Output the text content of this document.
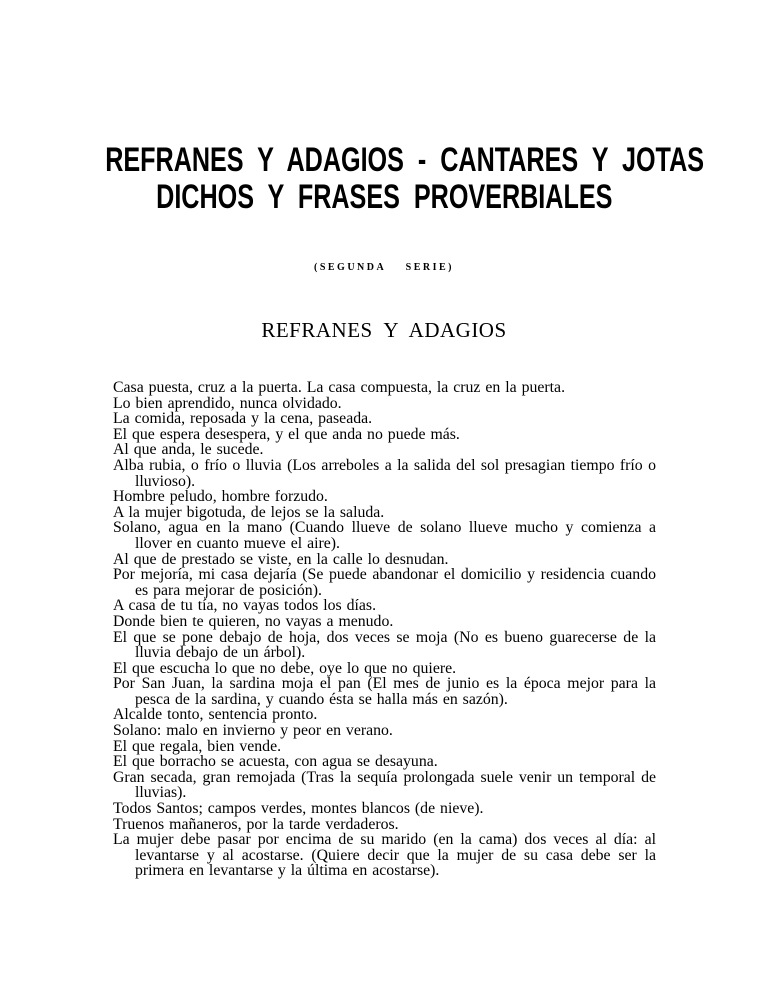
REFRANES  Y  ADAGIOS  -  CANTARES  Y  JOTAS
DICHOS  Y  FRASES  PROVERBIALES
(SEGUNDA    SERIE)
REFRANES  Y  ADAGIOS
Casa puesta, cruz a la puerta. La casa compuesta, la cruz en la puerta.
Lo bien aprendido, nunca olvidado.
La comida, reposada y la cena, paseada.
El que espera desespera, y el que anda no puede más.
Al que anda, le sucede.
Alba rubia, o frío o lluvia (Los arreboles a la salida del sol presagian tiempo frío o lluvioso).
Hombre peludo, hombre forzudo.
A la mujer bigotuda, de lejos se la saluda.
Solano, agua en la mano (Cuando llueve de solano llueve mucho y comienza a llover en cuanto mueve el aire).
Al que de prestado se viste, en la calle lo desnudan.
Por mejoría, mi casa dejaría (Se puede abandonar el domicilio y residencia cuando es para mejorar de posición).
A casa de tu tía, no vayas todos los días.
Donde bien te quieren, no vayas a menudo.
El que se pone debajo de hoja, dos veces se moja (No es bueno guarecerse de la lluvia debajo de un árbol).
El que escucha lo que no debe, oye lo que no quiere.
Por San Juan, la sardina moja el pan (El mes de junio es la época mejor para la pesca de la sardina, y cuando ésta se halla más en sazón).
Alcalde tonto, sentencia pronto.
Solano: malo en invierno y peor en verano.
El que regala, bien vende.
El que borracho se acuesta, con agua se desayuna.
Gran secada, gran remojada (Tras la sequía prolongada suele venir un temporal de lluvias).
Todos Santos; campos verdes, montes blancos (de nieve).
Truenos mañaneros, por la tarde verdaderos.
La mujer debe pasar por encima de su marido (en la cama) dos veces al día: al levantarse y al acostarse. (Quiere decir que la mujer de su casa debe ser la primera en levantarse y la última en acostarse).
